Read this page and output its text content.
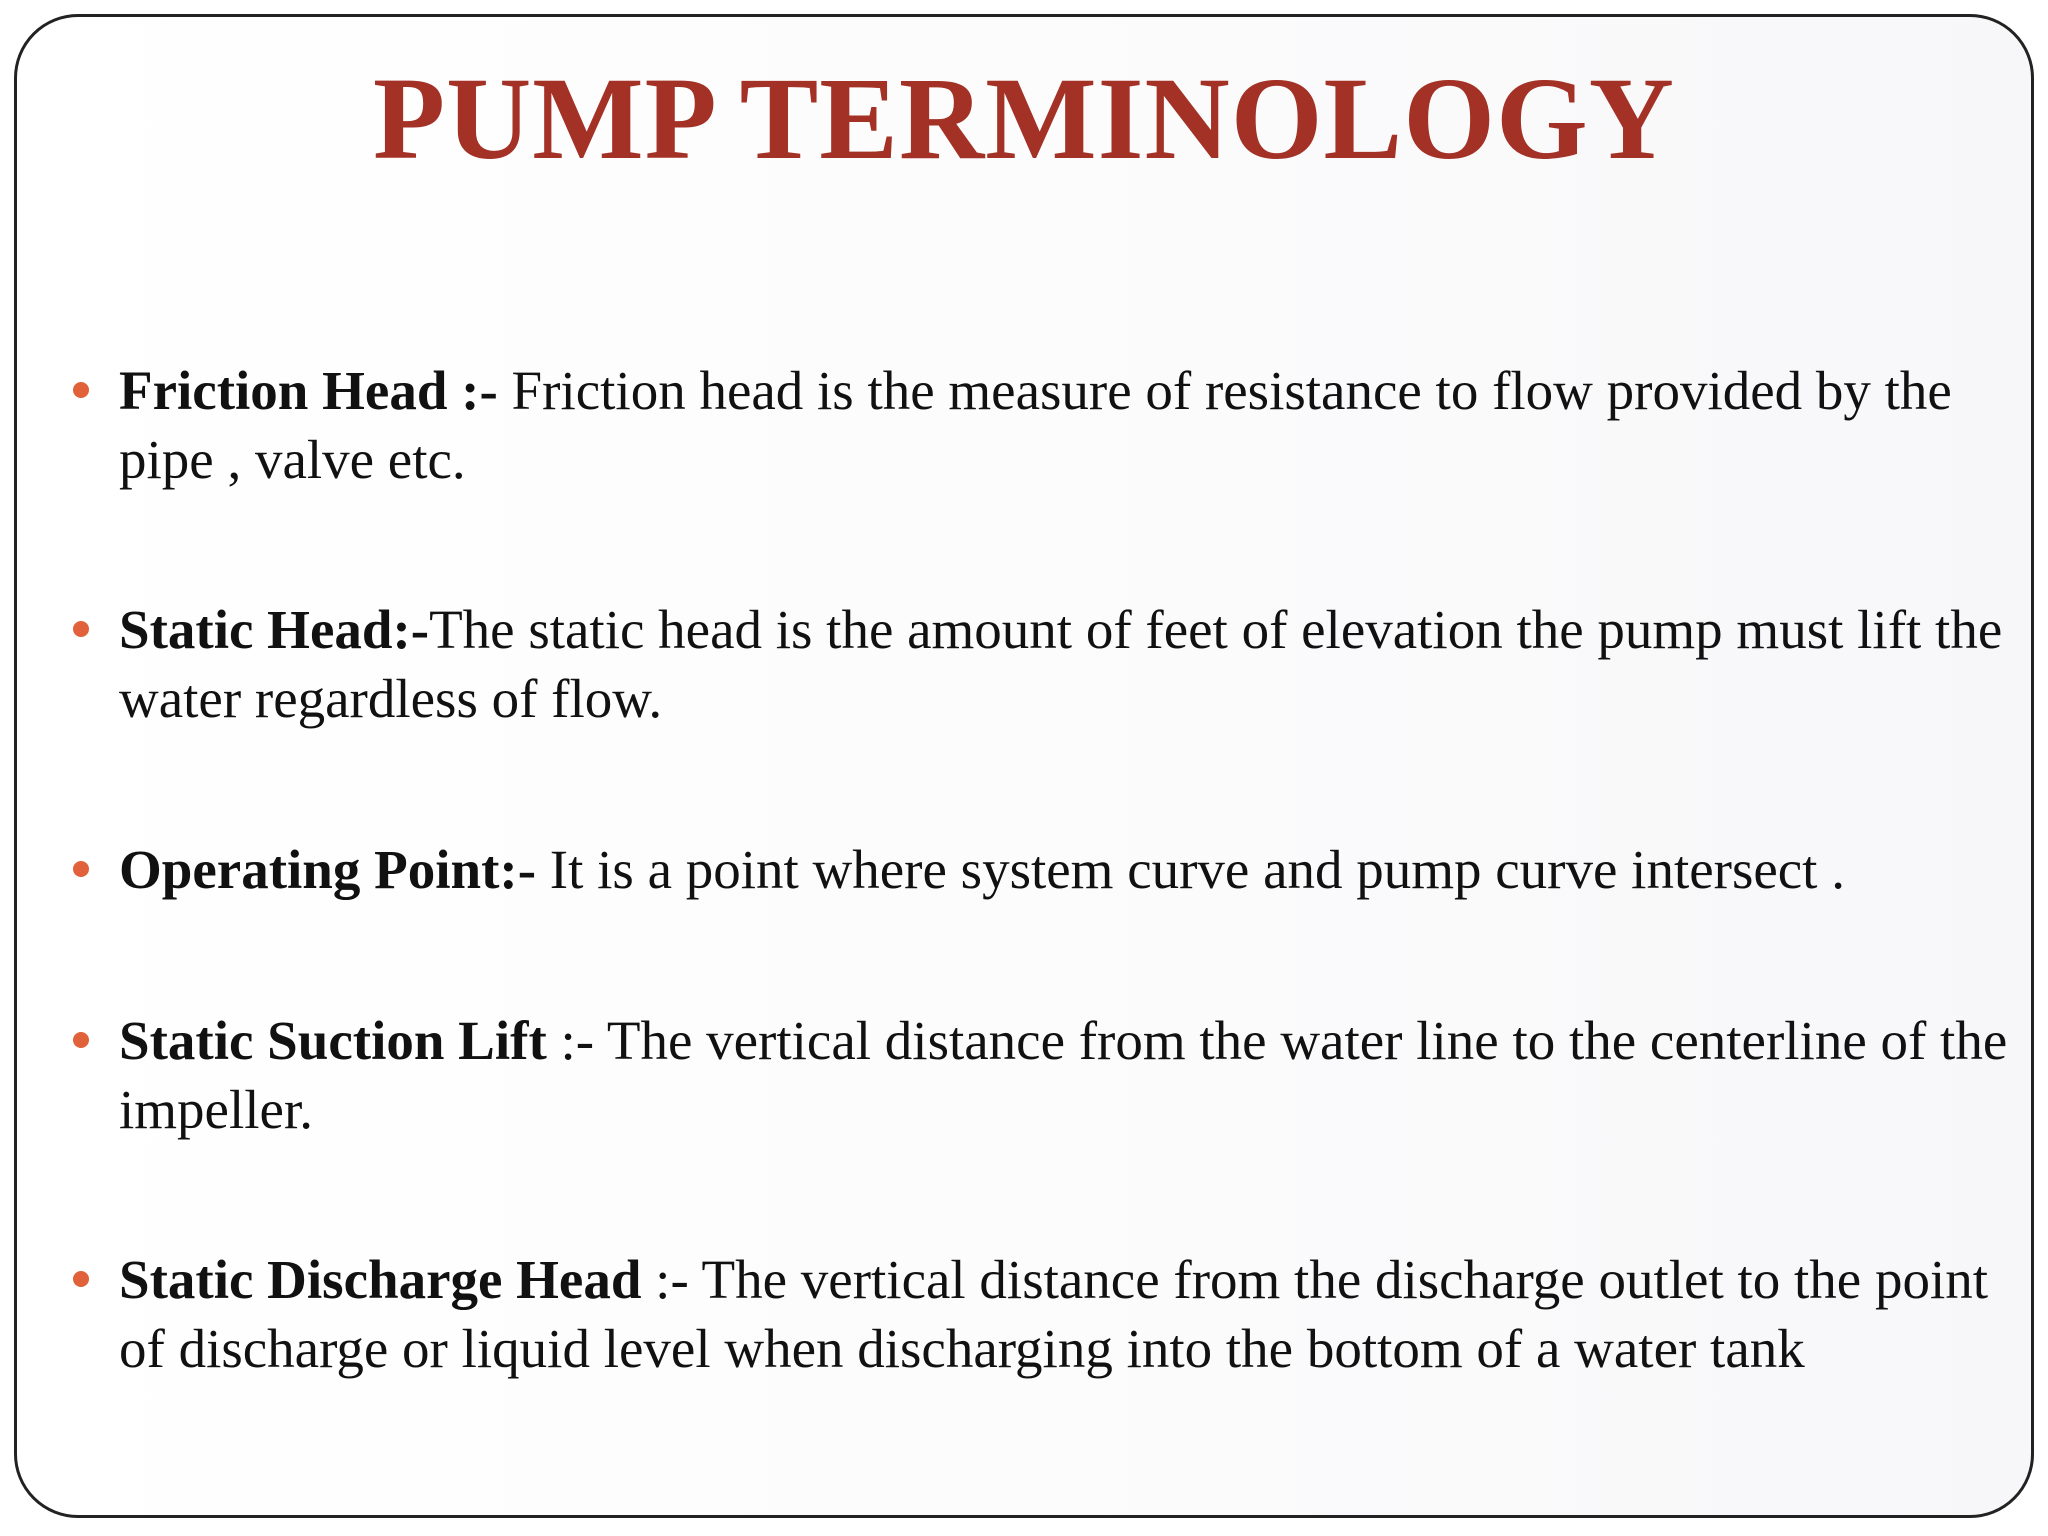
PUMP TERMINOLOGY

Friction Head :- Friction head is the measure of resistance to flow provided by the pipe , valve etc.

Static Head:-The static head is the amount of feet of elevation the pump must lift the water regardless of flow.

Operating Point:- It is a point where system curve and pump curve intersect .

Static Suction Lift :- The vertical distance from the water line to the centerline of the impeller.

Static Discharge Head :- The vertical distance from the discharge outlet to the point of discharge or liquid level when discharging into the bottom of a water tank
